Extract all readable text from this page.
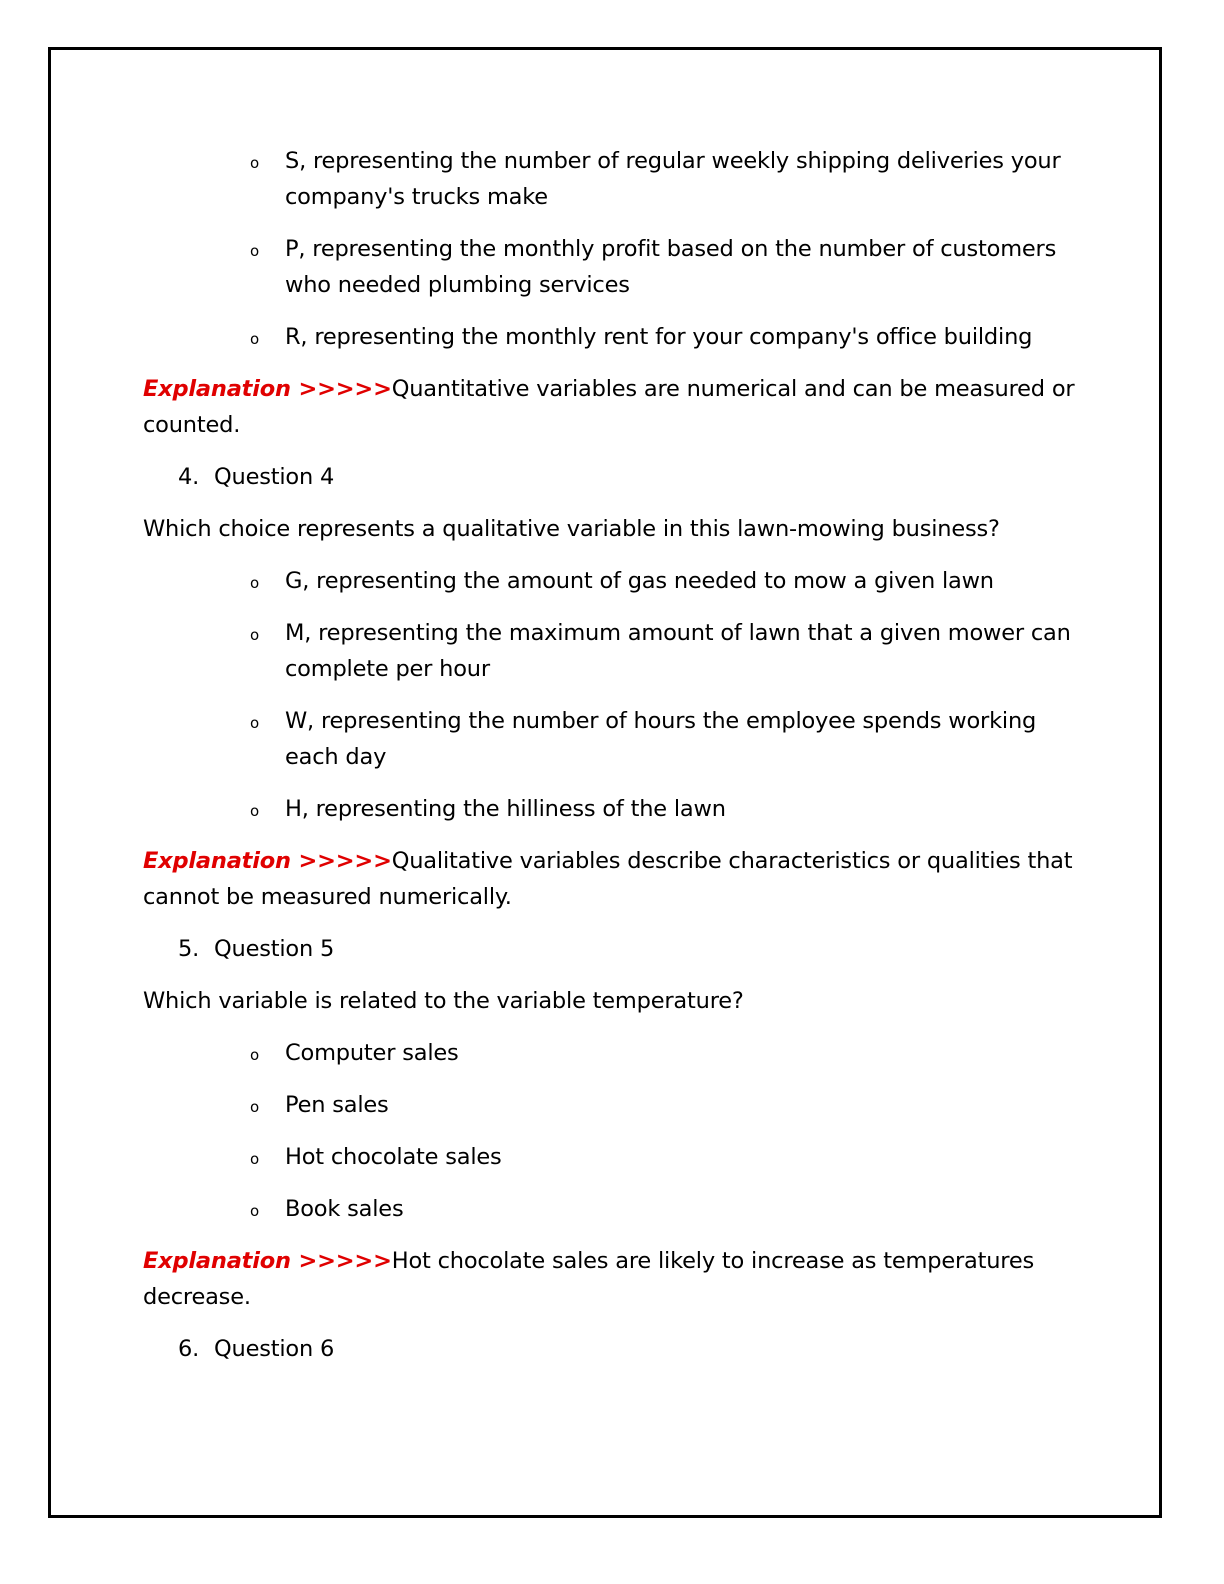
o S, representing the number of regular weekly shipping deliveries your company's trucks make
o P, representing the monthly profit based on the number of customers who needed plumbing services
o R, representing the monthly rent for your company's office building
Explanation >>>>>Quantitative variables are numerical and can be measured or counted.
4. Question 4
Which choice represents a qualitative variable in this lawn-mowing business?
o G, representing the amount of gas needed to mow a given lawn
o M, representing the maximum amount of lawn that a given mower can complete per hour
o W, representing the number of hours the employee spends working each day
o H, representing the hilliness of the lawn
Explanation >>>>>Qualitative variables describe characteristics or qualities that cannot be measured numerically.
5. Question 5
Which variable is related to the variable temperature?
o Computer sales
o Pen sales
o Hot chocolate sales
o Book sales
Explanation >>>>>Hot chocolate sales are likely to increase as temperatures decrease.
6. Question 6
